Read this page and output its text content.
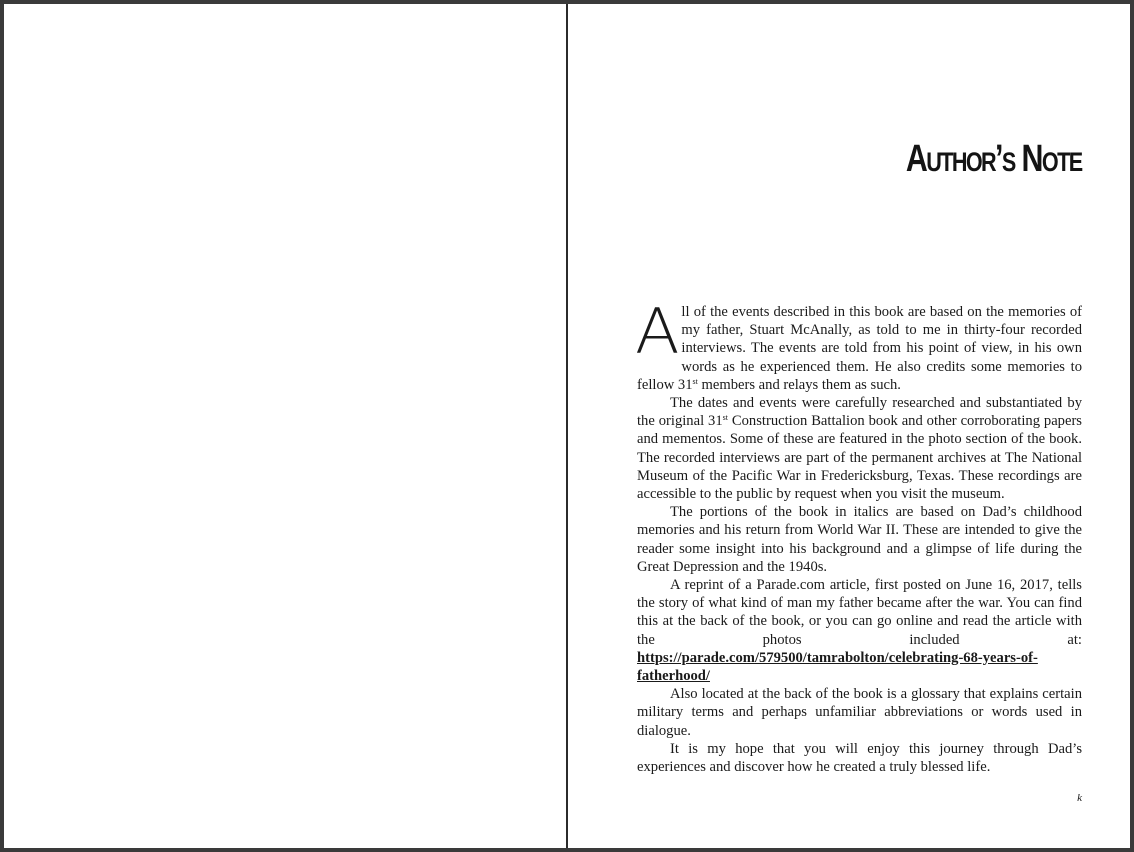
Author’s Note

All of the events described in this book are based on the memories of my father, Stuart McAnally, as told to me in thirty-four recorded interviews. The events are told from his point of view, in his own words as he experienced them. He also credits some memories to fellow 31st members and relays them as such.

The dates and events were carefully researched and substantiated by the original 31st Construction Battalion book and other corroborating papers and mementos. Some of these are featured in the photo section of the book. The recorded interviews are part of the permanent archives at The National Museum of the Pacific War in Fredericksburg, Texas. These recordings are accessible to the public by request when you visit the museum.

The portions of the book in italics are based on Dad’s childhood memories and his return from World War II. These are intended to give the reader some insight into his background and a glimpse of life during the Great Depression and the 1940s.

A reprint of a Parade.com article, first posted on June 16, 2017, tells the story of what kind of man my father became after the war. You can find this at the back of the book, or you can go online and read the article with the photos included at: https://parade.com/579500/tamrabolton/celebrating-68-years-of-fatherhood/

Also located at the back of the book is a glossary that explains certain military terms and perhaps unfamiliar abbreviations or words used in dialogue.

It is my hope that you will enjoy this journey through Dad’s experiences and discover how he created a truly blessed life.

k
